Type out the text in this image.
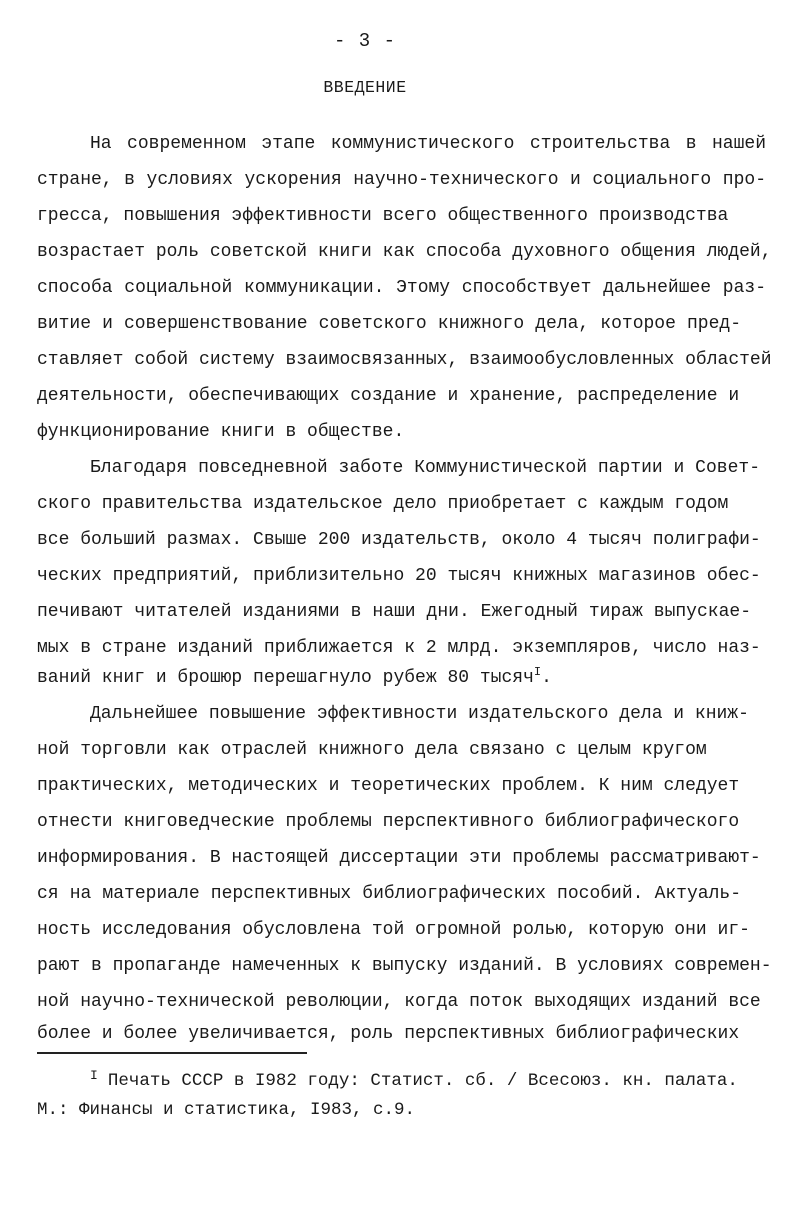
- 3 -
ВВЕДЕНИЕ
На современном этапе коммунистического строительства в нашей
стране, в условиях ускорения научно-технического и социального про-
гресса, повышения эффективности всего общественного производства
возрастает роль советской книги как способа духовного общения людей,
способа социальной коммуникации. Этому способствует дальнейшее раз-
витие и совершенствование советского книжного дела, которое пред-
ставляет собой систему взаимосвязанных, взаимообусловленных областей
деятельности, обеспечивающих создание и хранение, распределение и
функционирование книги в обществе.
Благодаря повседневной заботе Коммунистической партии и Совет-
ского правительства издательское дело приобретает с каждым годом
все больший размах. Свыше 200 издательств, около 4 тысяч полиграфи-
ческих предприятий, приблизительно 20 тысяч книжных магазинов обес-
печивают читателей изданиями в наши дни. Ежегодный тираж выпускае-
мых в стране изданий приближается к 2 млрд. экземпляров, число наз-
ваний книг и брошюр перешагнуло рубеж 80 тысяч$^I$.
Дальнейшее повышение эффективности издательского дела и книж-
ной торговли как отраслей книжного дела связано с целым кругом
практических, методических и теоретических проблем. К ним следует
отнести книговедческие проблемы перспективного библиографического
информирования. В настоящей диссертации эти проблемы рассматривают-
ся на материале перспективных библиографических пособий. Актуаль-
ность исследования обусловлена той огромной ролью, которую они иг-
рают в пропаганде намеченных к выпуску изданий. В условиях современ-
ной научно-технической революции, когда поток выходящих изданий все
более и более увеличивается, роль перспективных библиографических
$^I$ Печать СССР в I982 году: Статист. сб. / Всесоюз. кн. палата.
М.: Финансы и статистика, I983, с.9.
